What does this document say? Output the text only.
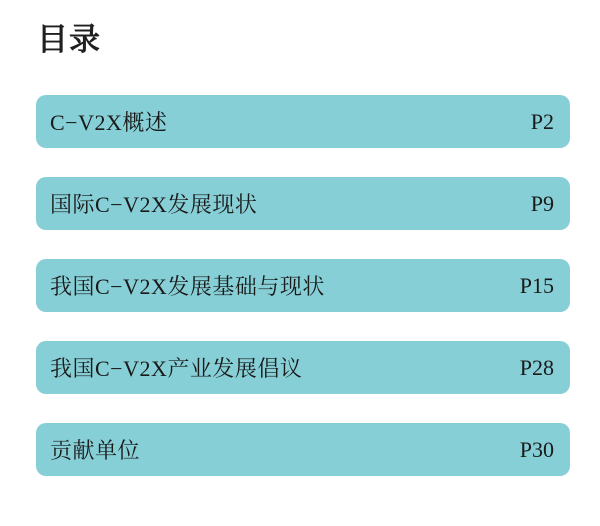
目录
C−V2X概述	P2
国际C−V2X发展现状	P9
我国C−V2X发展基础与现状	P15
我国C−V2X产业发展倡议	P28
贡献单位	P30
